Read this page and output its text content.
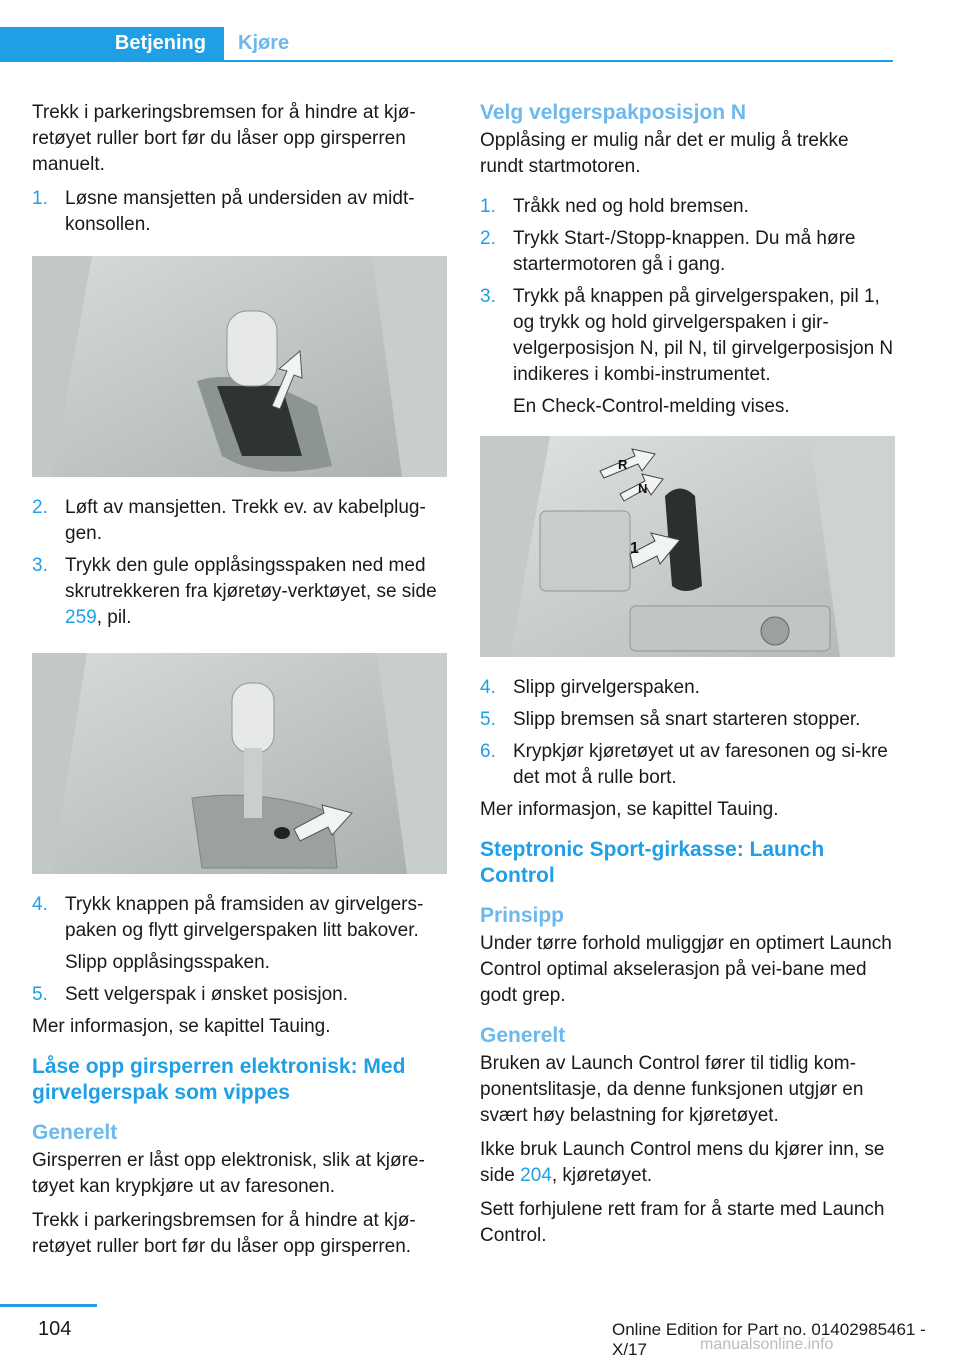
Betjening	Kjøre

Trekk i parkeringsbremsen for å hindre at kjø‐retøyet ruller bort før du låser opp girsperren manuelt.

1. Løsne mansjetten på undersiden av midt‐konsollen.
2. Løft av mansjetten. Trekk ev. av kabelplug‐gen.
3. Trykk den gule opplåsingsspaken ned med skrutrekkeren fra kjøretøy-verktøyet, se side 259, pil.
4. Trykk knappen på framsiden av girvelgers‐paken og flytt girvelgerspaken litt bakover.

Slipp opplåsingsspaken.

5. Sett velgerspak i ønsket posisjon.

Mer informasjon, se kapittel Tauing.

Låse opp girsperren elektronisk: Med girvelgerspak som vippes
Generelt

Girsperren er låst opp elektronisk, slik at kjøre‐tøyet kan krypkjøre ut av faresonen.

Trekk i parkeringsbremsen for å hindre at kjø‐retøyet ruller bort før du låser opp girsperren.

Velg velgerspakposisjon N

Opplåsing er mulig når det er mulig å trekke rundt startmotoren.

1. Tråkk ned og hold bremsen.
2. Trykk Start-/Stopp-knappen. Du må høre startermotoren gå i gang.
3. Trykk på knappen på girvelgerspaken, pil 1, og trykk og hold girvelgerspaken i gir‐velgerposisjon N, pil N, til girvelgerposisjon N indikeres i kombi-instrumentet.

En Check-Control-melding vises.

1
R
N
4. Slipp girvelgerspaken.
5. Slipp bremsen så snart starteren stopper.
6. Krypkjør kjøretøyet ut av faresonen og si‐kre det mot å rulle bort.

Mer informasjon, se kapittel Tauing.

Steptronic Sport-girkasse: Launch Control
Prinsipp

Under tørre forhold muliggjør en optimert Launch Control optimal akselerasjon på vei‐bane med godt grep.

Generelt

Bruken av Launch Control fører til tidlig kom‐ponentslitasje, da denne funksjonen utgjør en svært høy belastning for kjøretøyet.

Ikke bruk Launch Control mens du kjører inn, se side 204, kjøretøyet.

Sett forhjulene rett fram for å starte med Launch Control.

104	Online Edition for Part no. 01402985461 - X/17	manualsonline.info
